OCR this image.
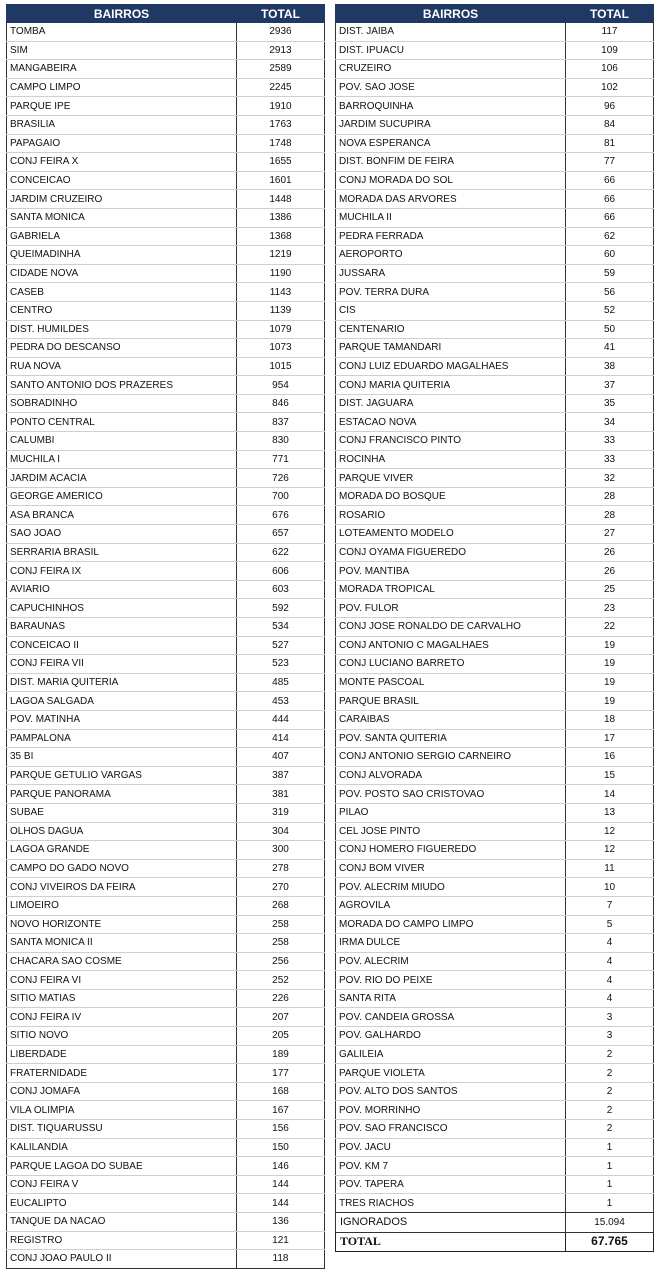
BAIRROS	TOTAL
TOMBA	2936
SIM	2913
MANGABEIRA	2589
CAMPO LIMPO	2245
PARQUE IPE	1910
BRASILIA	1763
PAPAGAIO	1748
CONJ FEIRA X	1655
CONCEICAO	1601
JARDIM CRUZEIRO	1448
SANTA MONICA	1386
GABRIELA	1368
QUEIMADINHA	1219
CIDADE NOVA	1190
CASEB	1143
CENTRO	1139
DIST. HUMILDES	1079
PEDRA DO DESCANSO	1073
RUA NOVA	1015
SANTO ANTONIO DOS PRAZERES	954
SOBRADINHO	846
PONTO CENTRAL	837
CALUMBI	830
MUCHILA I	771
JARDIM ACACIA	726
GEORGE AMERICO	700
ASA BRANCA	676
SAO JOAO	657
SERRARIA BRASIL	622
CONJ FEIRA IX	606
AVIARIO	603
CAPUCHINHOS	592
BARAUNAS	534
CONCEICAO II	527
CONJ FEIRA VII	523
DIST. MARIA QUITERIA	485
LAGOA SALGADA	453
POV. MATINHA	444
PAMPALONA	414
35 BI	407
PARQUE GETULIO VARGAS	387
PARQUE PANORAMA	381
SUBAE	319
OLHOS DAGUA	304
LAGOA GRANDE	300
CAMPO DO GADO NOVO	278
CONJ VIVEIROS DA FEIRA	270
LIMOEIRO	268
NOVO HORIZONTE	258
SANTA MONICA II	258
CHACARA SAO COSME	256
CONJ FEIRA VI	252
SITIO MATIAS	226
CONJ FEIRA IV	207
SITIO NOVO	205
LIBERDADE	189
FRATERNIDADE	177
CONJ JOMAFA	168
VILA OLIMPIA	167
DIST. TIQUARUSSU	156
KALILANDIA	150
PARQUE LAGOA DO SUBAE	146
CONJ FEIRA V	144
EUCALIPTO	144
TANQUE DA NACAO	136
REGISTRO	121
CONJ JOAO PAULO II	118
BAIRROS	TOTAL
DIST. JAIBA	117
DIST. IPUACU	109
CRUZEIRO	106
POV. SAO JOSE	102
BARROQUINHA	96
JARDIM SUCUPIRA	84
NOVA ESPERANCA	81
DIST. BONFIM DE FEIRA	77
CONJ MORADA DO SOL	66
MORADA DAS ARVORES	66
MUCHILA II	66
PEDRA FERRADA	62
AEROPORTO	60
JUSSARA	59
POV. TERRA DURA	56
CIS	52
CENTENARIO	50
PARQUE TAMANDARI	41
CONJ LUIZ EDUARDO MAGALHAES	38
CONJ MARIA QUITERIA	37
DIST. JAGUARA	35
ESTACAO NOVA	34
CONJ FRANCISCO PINTO	33
ROCINHA	33
PARQUE VIVER	32
MORADA DO BOSQUE	28
ROSARIO	28
LOTEAMENTO MODELO	27
CONJ OYAMA FIGUEREDO	26
POV. MANTIBA	26
MORADA TROPICAL	25
POV. FULOR	23
CONJ JOSE RONALDO DE CARVALHO	22
CONJ ANTONIO C MAGALHAES	19
CONJ LUCIANO BARRETO	19
MONTE PASCOAL	19
PARQUE BRASIL	19
CARAIBAS	18
POV. SANTA QUITERIA	17
CONJ ANTONIO SERGIO CARNEIRO	16
CONJ ALVORADA	15
POV. POSTO SAO CRISTOVAO	14
PILAO	13
CEL JOSE PINTO	12
CONJ HOMERO FIGUEREDO	12
CONJ BOM VIVER	11
POV. ALECRIM MIUDO	10
AGROVILA	7
MORADA DO CAMPO LIMPO	5
IRMA DULCE	4
POV. ALECRIM	4
POV. RIO DO PEIXE	4
SANTA RITA	4
POV. CANDEIA GROSSA	3
POV. GALHARDO	3
GALILEIA	2
PARQUE VIOLETA	2
POV. ALTO DOS SANTOS	2
POV. MORRINHO	2
POV. SAO FRANCISCO	2
POV. JACU	1
POV. KM 7	1
POV. TAPERA	1
TRES RIACHOS	1
IGNORADOS	15.094
TOTAL	67.765
